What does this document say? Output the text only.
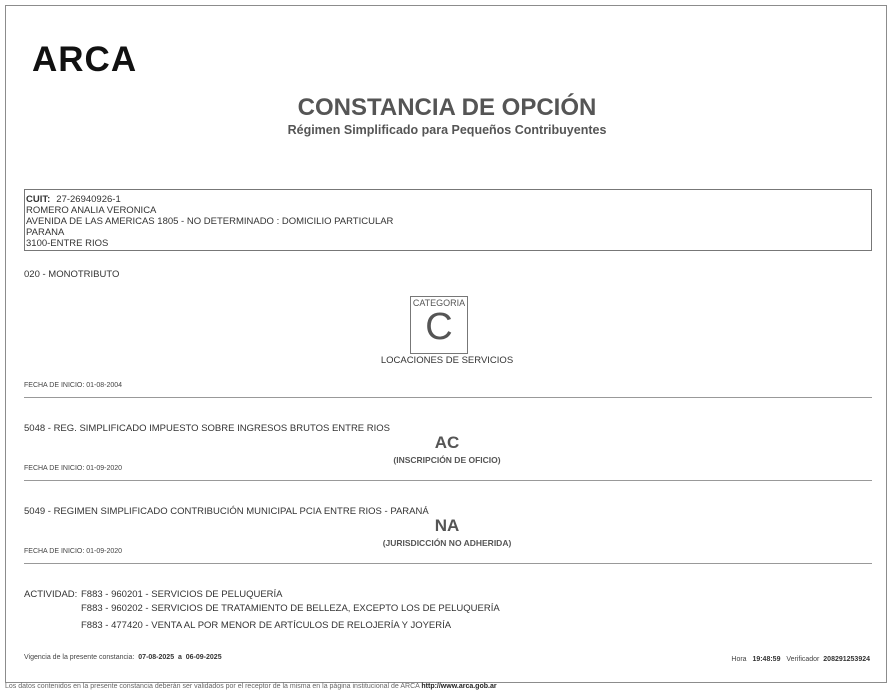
ARCA
CONSTANCIA DE OPCIÓN
Régimen Simplificado para Pequeños Contribuyentes
CUIT: 27-26940926-1
ROMERO ANALIA VERONICA
AVENIDA DE LAS AMERICAS 1805 - NO DETERMINADO : DOMICILIO PARTICULAR
PARANA
3100-ENTRE RIOS
020 - MONOTRIBUTO
CATEGORIA
C
LOCACIONES DE SERVICIOS
FECHA DE INICIO: 01-08-2004
5048 - REG. SIMPLIFICADO IMPUESTO SOBRE INGRESOS BRUTOS ENTRE RIOS
AC
(INSCRIPCIÓN DE OFICIO)
FECHA DE INICIO: 01-09-2020
5049 - REGIMEN SIMPLIFICADO CONTRIBUCIÓN MUNICIPAL PCIA ENTRE RIOS - PARANÁ
NA
(JURISDICCIÓN NO ADHERIDA)
FECHA DE INICIO: 01-09-2020
ACTIVIDAD: F883 - 960201 - SERVICIOS DE PELUQUERÍA
F883 - 960202 - SERVICIOS DE TRATAMIENTO DE BELLEZA, EXCEPTO LOS DE PELUQUERÍA
F883 - 477420 - VENTA AL POR MENOR DE ARTÍCULOS DE RELOJERÍA Y JOYERÍA
Vigencia de la presente constancia: 07-08-2025 a 06-09-2025	Hora 19:48:59 Verificador 208291253924
Los datos contenidos en la presente constancia deberán ser validados por el receptor de la misma en la página institucional de ARCA http://www.arca.gob.ar
